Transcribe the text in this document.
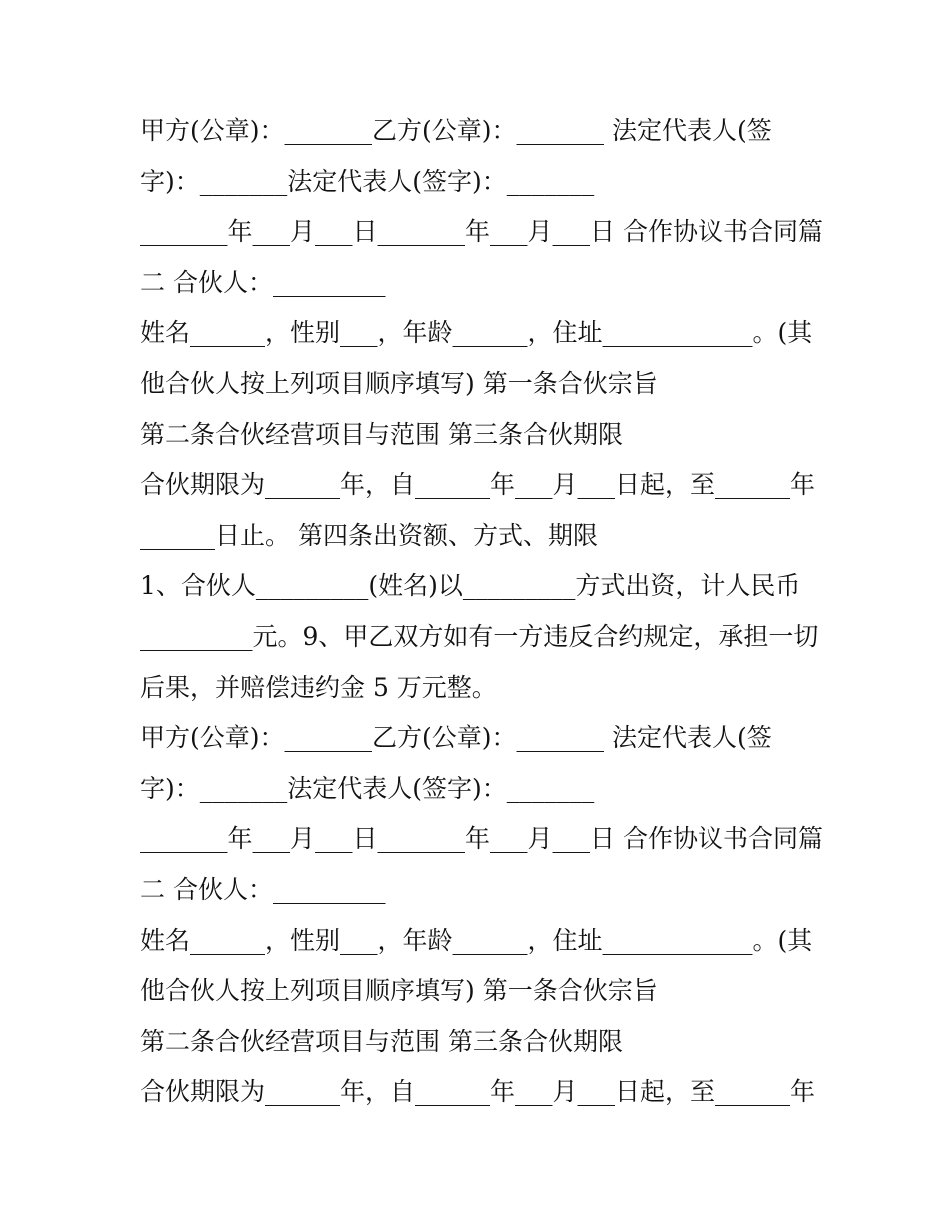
甲方(公章)：_______乙方(公章)：_______ 法定代表人(签
字)：_______法定代表人(签字)：_______
_______年___月___日_______年___月___日 合作协议书合同篇
二 合伙人：_________
姓名______，性别___，年龄______，住址____________。(其
他合伙人按上列项目顺序填写) 第一条合伙宗旨
第二条合伙经营项目与范围 第三条合伙期限
合伙期限为______年，自______年___月___日起，至______年
______日止。 第四条出资额、方式、期限
1、合伙人_________(姓名)以_________方式出资，计人民币
_________元。9、甲乙双方如有一方违反合约规定，承担一切
后果，并赔偿违约金 5 万元整。
甲方(公章)：_______乙方(公章)：_______ 法定代表人(签
字)：_______法定代表人(签字)：_______
_______年___月___日_______年___月___日 合作协议书合同篇
二 合伙人：_________
姓名______，性别___，年龄______，住址____________。(其
他合伙人按上列项目顺序填写) 第一条合伙宗旨
第二条合伙经营项目与范围 第三条合伙期限
合伙期限为______年，自______年___月___日起，至______年
